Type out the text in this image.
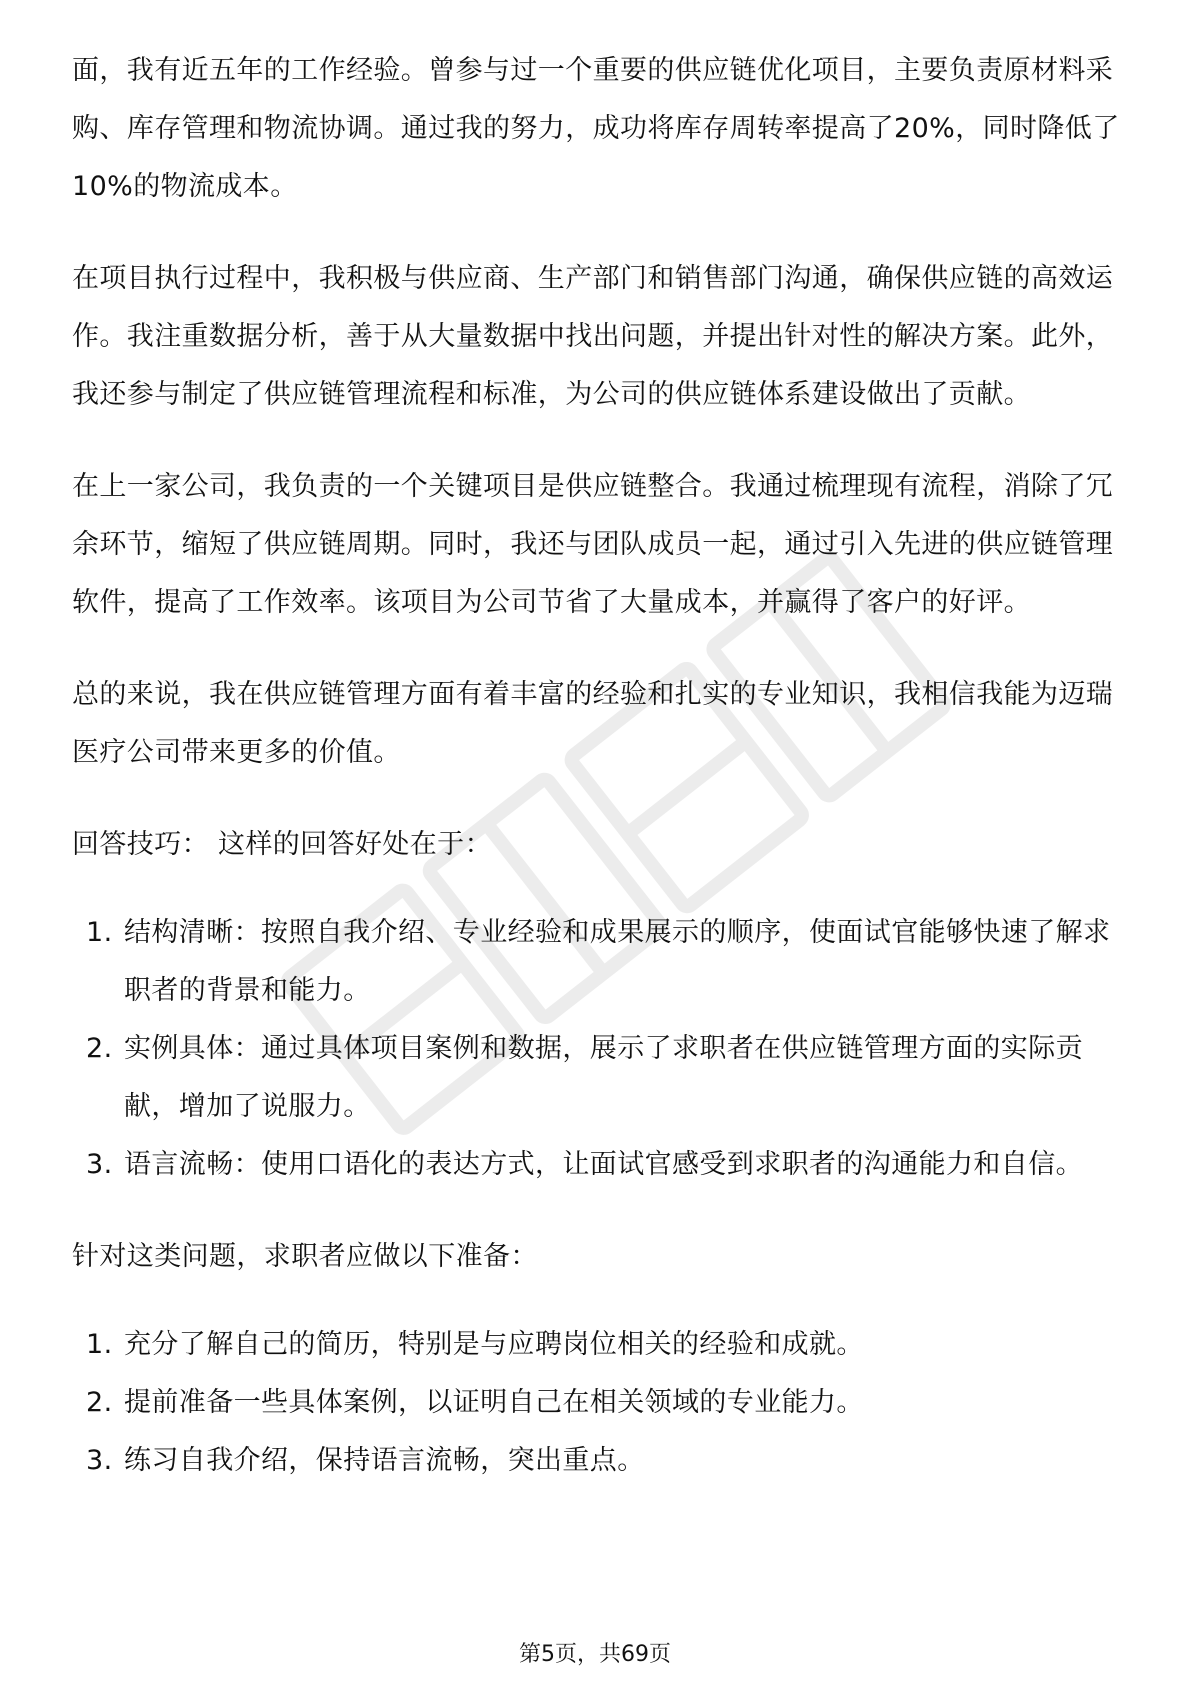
面，我有近五年的工作经验。曾参与过一个重要的供应链优化项目，主要负责原材料采购、库存管理和物流协调。通过我的努力，成功将库存周转率提高了20%，同时降低了10%的物流成本。

在项目执行过程中，我积极与供应商、生产部门和销售部门沟通，确保供应链的高效运作。我注重数据分析，善于从大量数据中找出问题，并提出针对性的解决方案。此外，我还参与制定了供应链管理流程和标准，为公司的供应链体系建设做出了贡献。

在上一家公司，我负责的一个关键项目是供应链整合。我通过梳理现有流程，消除了冗余环节，缩短了供应链周期。同时，我还与团队成员一起，通过引入先进的供应链管理软件，提高了工作效率。该项目为公司节省了大量成本，并赢得了客户的好评。

总的来说，我在供应链管理方面有着丰富的经验和扎实的专业知识，我相信我能为迈瑞医疗公司带来更多的价值。

回答技巧： 这样的回答好处在于：

1. 结构清晰：按照自我介绍、专业经验和成果展示的顺序，使面试官能够快速了解求职者的背景和能力。
2. 实例具体：通过具体项目案例和数据，展示了求职者在供应链管理方面的实际贡献，增加了说服力。
3. 语言流畅：使用口语化的表达方式，让面试官感受到求职者的沟通能力和自信。

针对这类问题，求职者应做以下准备：

1. 充分了解自己的简历，特别是与应聘岗位相关的经验和成就。
2. 提前准备一些具体案例，以证明自己在相关领域的专业能力。
3. 练习自我介绍，保持语言流畅，突出重点。
第5页，共69页
